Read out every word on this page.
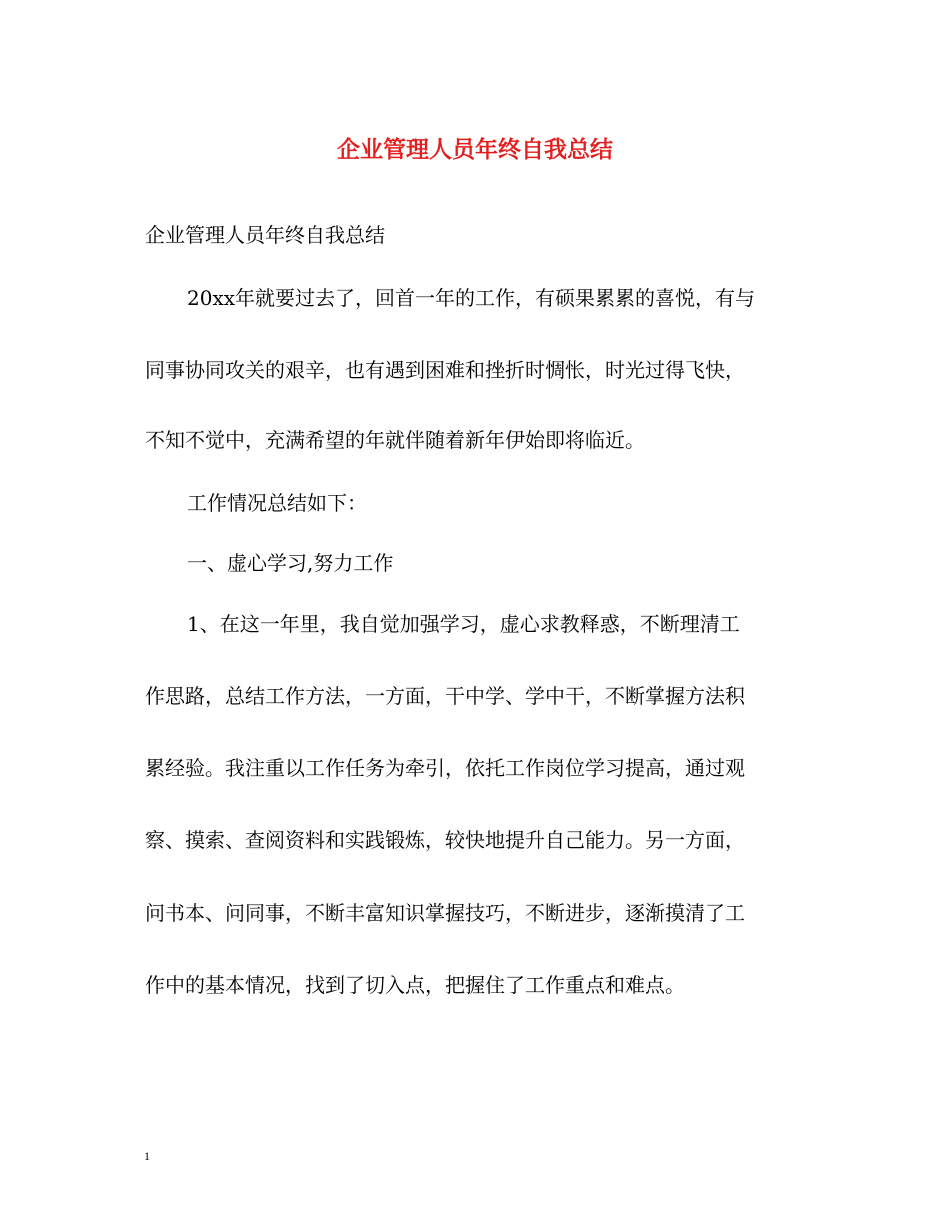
企业管理人员年终自我总结
企业管理人员年终自我总结
20xx年就要过去了，回首一年的工作，有硕果累累的喜悦，有与
同事协同攻关的艰辛，也有遇到困难和挫折时惆怅，时光过得飞快，
不知不觉中，充满希望的年就伴随着新年伊始即将临近。
工作情况总结如下：
一、虚心学习,努力工作
1、在这一年里，我自觉加强学习，虚心求教释惑，不断理清工
作思路，总结工作方法，一方面，干中学、学中干，不断掌握方法积
累经验。我注重以工作任务为牵引，依托工作岗位学习提高，通过观
察、摸索、查阅资料和实践锻炼，较快地提升自己能力。另一方面，
问书本、问同事，不断丰富知识掌握技巧，不断进步，逐渐摸清了工
作中的基本情况，找到了切入点，把握住了工作重点和难点。
1
